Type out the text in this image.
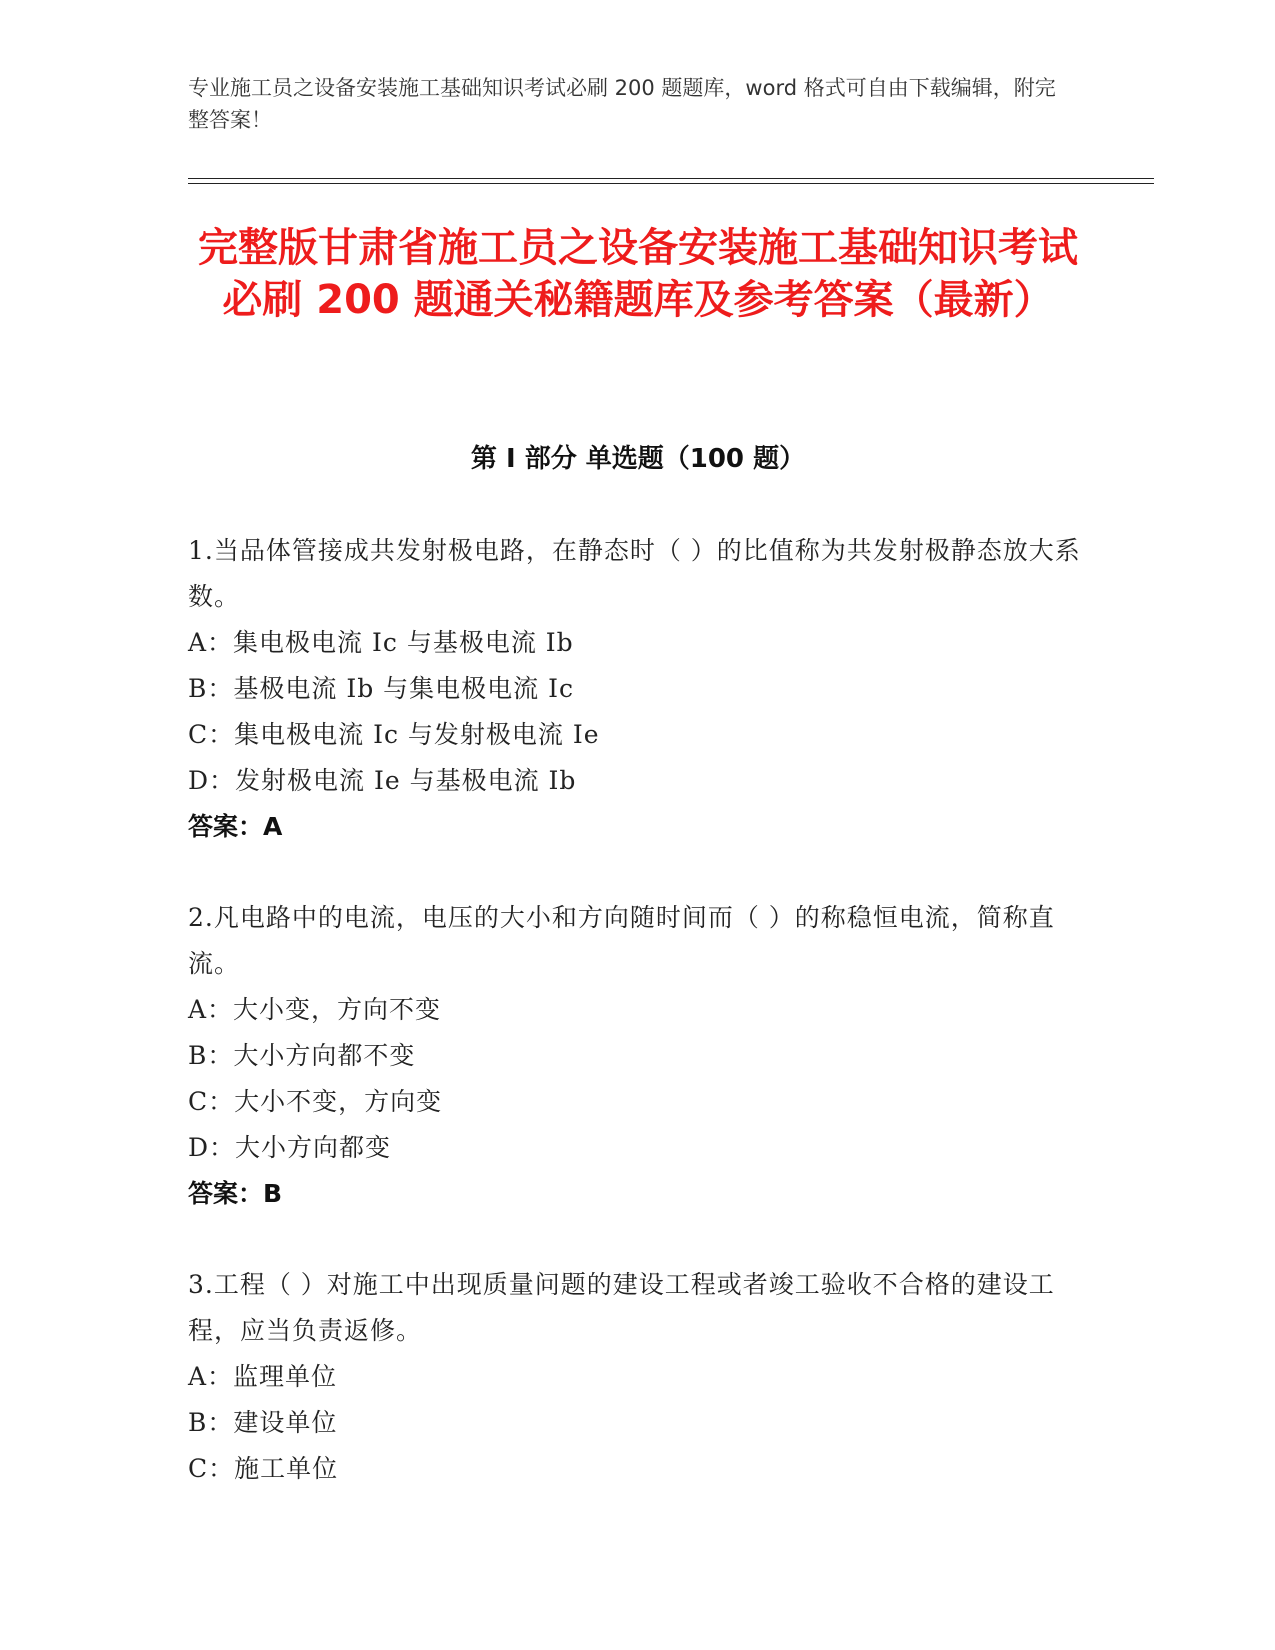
专业施工员之设备安装施工基础知识考试必刷 200 题题库，word 格式可自由下载编辑，附完整答案！
完整版甘肃省施工员之设备安装施工基础知识考试必刷 200 题通关秘籍题库及参考答案（最新）
第 I 部分 单选题（100 题）
1.当品体管接成共发射极电路，在静态时（ ）的比值称为共发射极静态放大系数。
A：集电极电流 Ic 与基极电流 Ib
B：基极电流 Ib 与集电极电流 Ic
C：集电极电流 Ic 与发射极电流 Ie
D：发射极电流 Ie 与基极电流 Ib
答案：A
2.凡电路中的电流，电压的大小和方向随时间而（ ）的称稳恒电流，简称直流。
A：大小变，方向不变
B：大小方向都不变
C：大小不变，方向变
D：大小方向都变
答案：B
3.工程（ ）对施工中出现质量问题的建设工程或者竣工验收不合格的建设工程，应当负责返修。
A：监理单位
B：建设单位
C：施工单位
